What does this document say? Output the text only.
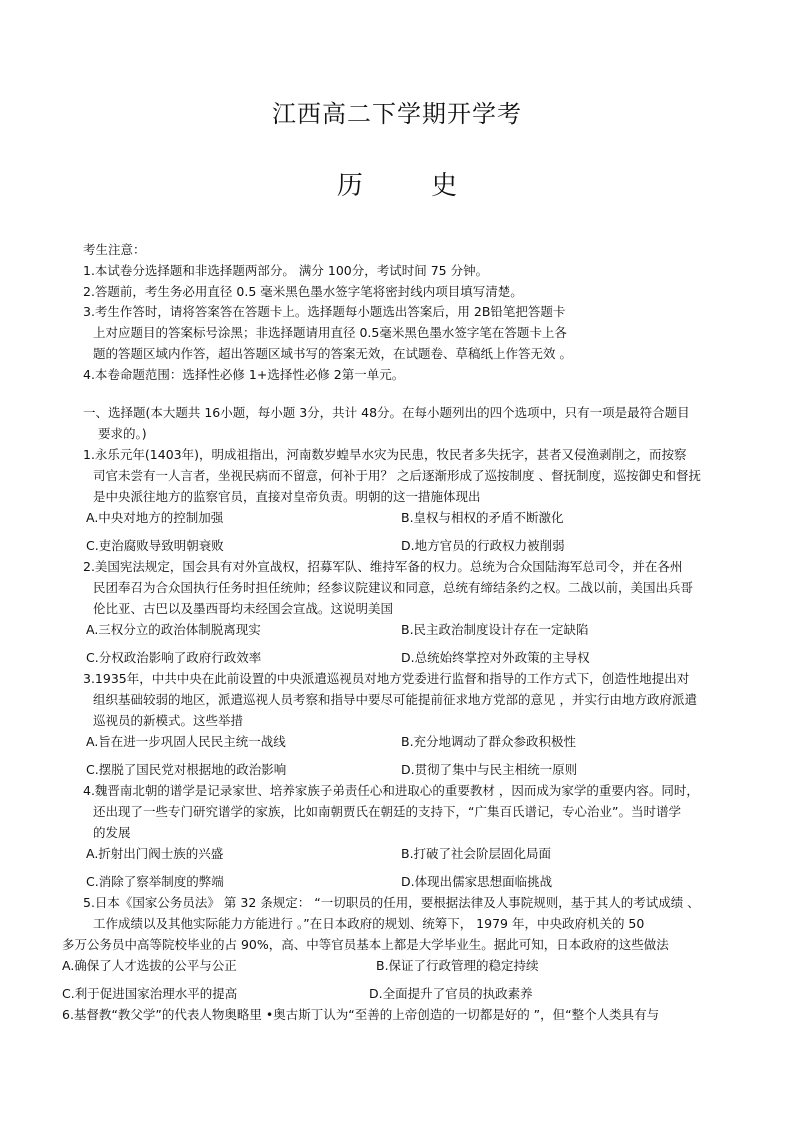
江西高二下学期开学考
历 史
考生注意：
1.本试卷分选择题和非选择题两部分。 满分 100分，考试时间 75 分钟。
2.答题前，考生务必用直径 0.5 毫米黑色墨水签字笔将密封线内项目填写清楚。
3.考生作答时，请将答案答在答题卡上。选择题每小题选出答案后，用 2B铅笔把答题卡
上对应题目的答案标号涂黑；非选择题请用直径 0.5毫米黑色墨水签字笔在答题卡上各
题的答题区域内作答，超出答题区域书写的答案无效，在试题卷、草稿纸上作答无效 。
4.本卷命题范围：选择性必修 1+选择性必修 2第一单元。
一、选择题(本大题共 16小题，每小题 3分，共计 48分。在每小题列出的四个选项中，只有一项是最符合题目
要求的。)
1.永乐元年(1403年)，明成祖指出，河南数岁蝗旱水灾为民患，牧民者多失抚字，甚者又侵渔剥削之，而按察
司官未尝有一人言者，坐视民病而不留意，何补于用？ 之后逐渐形成了巡按制度 、督抚制度，巡按御史和督抚
是中央派往地方的监察官员，直接对皇帝负责。明朝的这一措施体现出
A.中央对地方的控制加强	B.皇权与相权的矛盾不断激化
C.吏治腐败导致明朝衰败	D.地方官员的行政权力被削弱
2.美国宪法规定，国会具有对外宣战权，招募军队、维持军备的权力。总统为合众国陆海军总司令，并在各州
民团奉召为合众国执行任务时担任统帅；经参议院建议和同意，总统有缔结条约之权。二战以前，美国出兵哥
伦比亚、古巴以及墨西哥均未经国会宣战。这说明美国
A.三权分立的政治体制脱离现实	B.民主政治制度设计存在一定缺陷
C.分权政治影响了政府行政效率	D.总统始终掌控对外政策的主导权
3.1935年，中共中央在此前设置的中央派遣巡视员对地方党委进行监督和指导的工作方式下，创造性地提出对
组织基础较弱的地区，派遣巡视人员考察和指导中要尽可能提前征求地方党部的意见 ，并实行由地方政府派遣
巡视员的新模式。这些举措
A.旨在进一步巩固人民民主统一战线	B.充分地调动了群众参政积极性
C.摆脱了国民党对根据地的政治影响	D.贯彻了集中与民主相统一原则
4.魏晋南北朝的谱学是记录家世、培养家族子弟责任心和进取心的重要教材 ，因而成为家学的重要内容。同时，
还出现了一些专门研究谱学的家族，比如南朝贾氏在朝廷的支持下，“广集百氏谱记，专心治业”。当时谱学
的发展
A.折射出门阀士族的兴盛	B.打破了社会阶层固化局面
C.消除了察举制度的弊端	D.体现出儒家思想面临挑战
5.日本《国家公务员法》 第 32 条规定： “一切职员的任用，要根据法律及人事院规则，基于其人的考试成绩 、
工作成绩以及其他实际能力方能进行 。”在日本政府的规划、统筹下， 1979 年，中央政府机关的 50
多万公务员中高等院校毕业的占 90%，高、中等官员基本上都是大学毕业生。据此可知，日本政府的这些做法
A.确保了人才选拔的公平与公正	B.保证了行政管理的稳定持续
C.利于促进国家治理水平的提高	D.全面提升了官员的执政素养
6.基督教“教父学”的代表人物奥略里 •奥古斯丁认为“至善的上帝创造的一切都是好的 ”，但“整个人类具有与
